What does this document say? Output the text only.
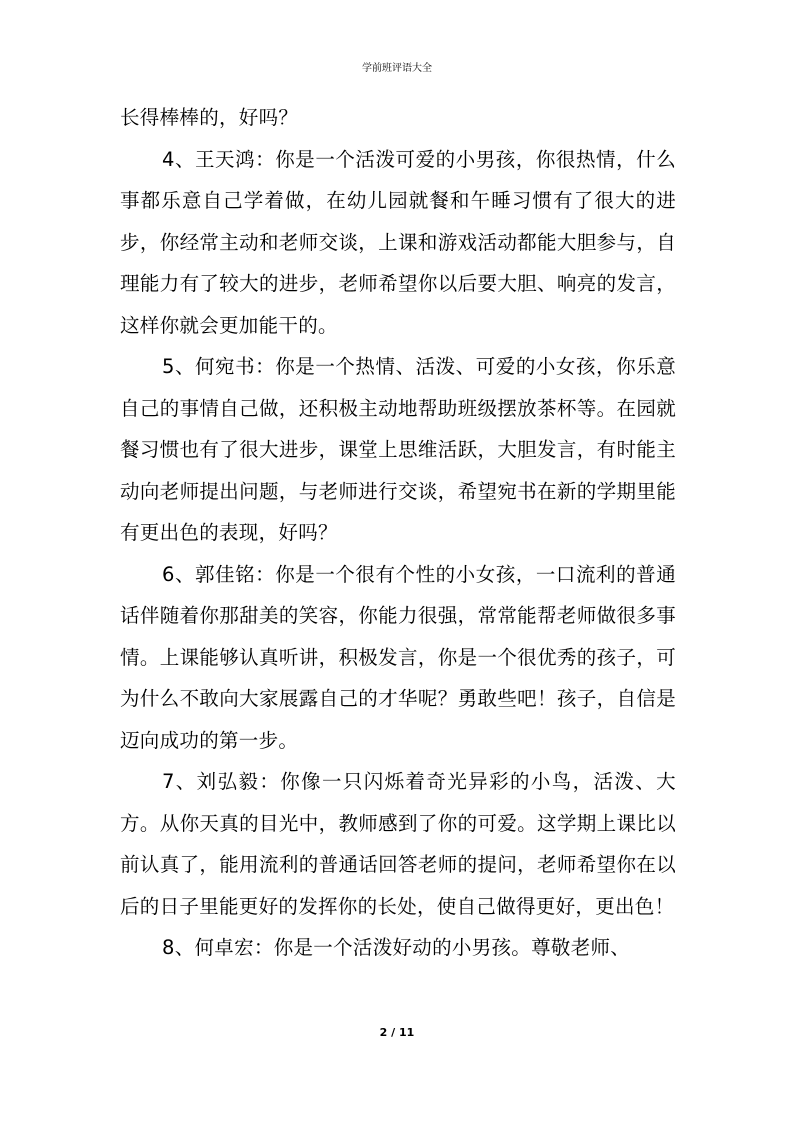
学前班评语大全

长得棒棒的，好吗？

4、王天鸿：你是一个活泼可爱的小男孩，你很热情，什么事都乐意自己学着做，在幼儿园就餐和午睡习惯有了很大的进步，你经常主动和老师交谈，上课和游戏活动都能大胆参与，自理能力有了较大的进步，老师希望你以后要大胆、响亮的发言，这样你就会更加能干的。

5、何宛书：你是一个热情、活泼、可爱的小女孩，你乐意自己的事情自己做，还积极主动地帮助班级摆放茶杯等。在园就餐习惯也有了很大进步，课堂上思维活跃，大胆发言，有时能主动向老师提出问题，与老师进行交谈，希望宛书在新的学期里能有更出色的表现，好吗？

6、郭佳铭：你是一个很有个性的小女孩，一口流利的普通话伴随着你那甜美的笑容，你能力很强，常常能帮老师做很多事情。上课能够认真听讲，积极发言，你是一个很优秀的孩子，可为什么不敢向大家展露自己的才华呢？勇敢些吧！孩子，自信是迈向成功的第一步。

7、刘弘毅：你像一只闪烁着奇光异彩的小鸟，活泼、大方。从你天真的目光中，教师感到了你的可爱。这学期上课比以前认真了，能用流利的普通话回答老师的提问，老师希望你在以后的日子里能更好的发挥你的长处，使自己做得更好，更出色！

8、何卓宏：你是一个活泼好动的小男孩。尊敬老师、

2 / 11
